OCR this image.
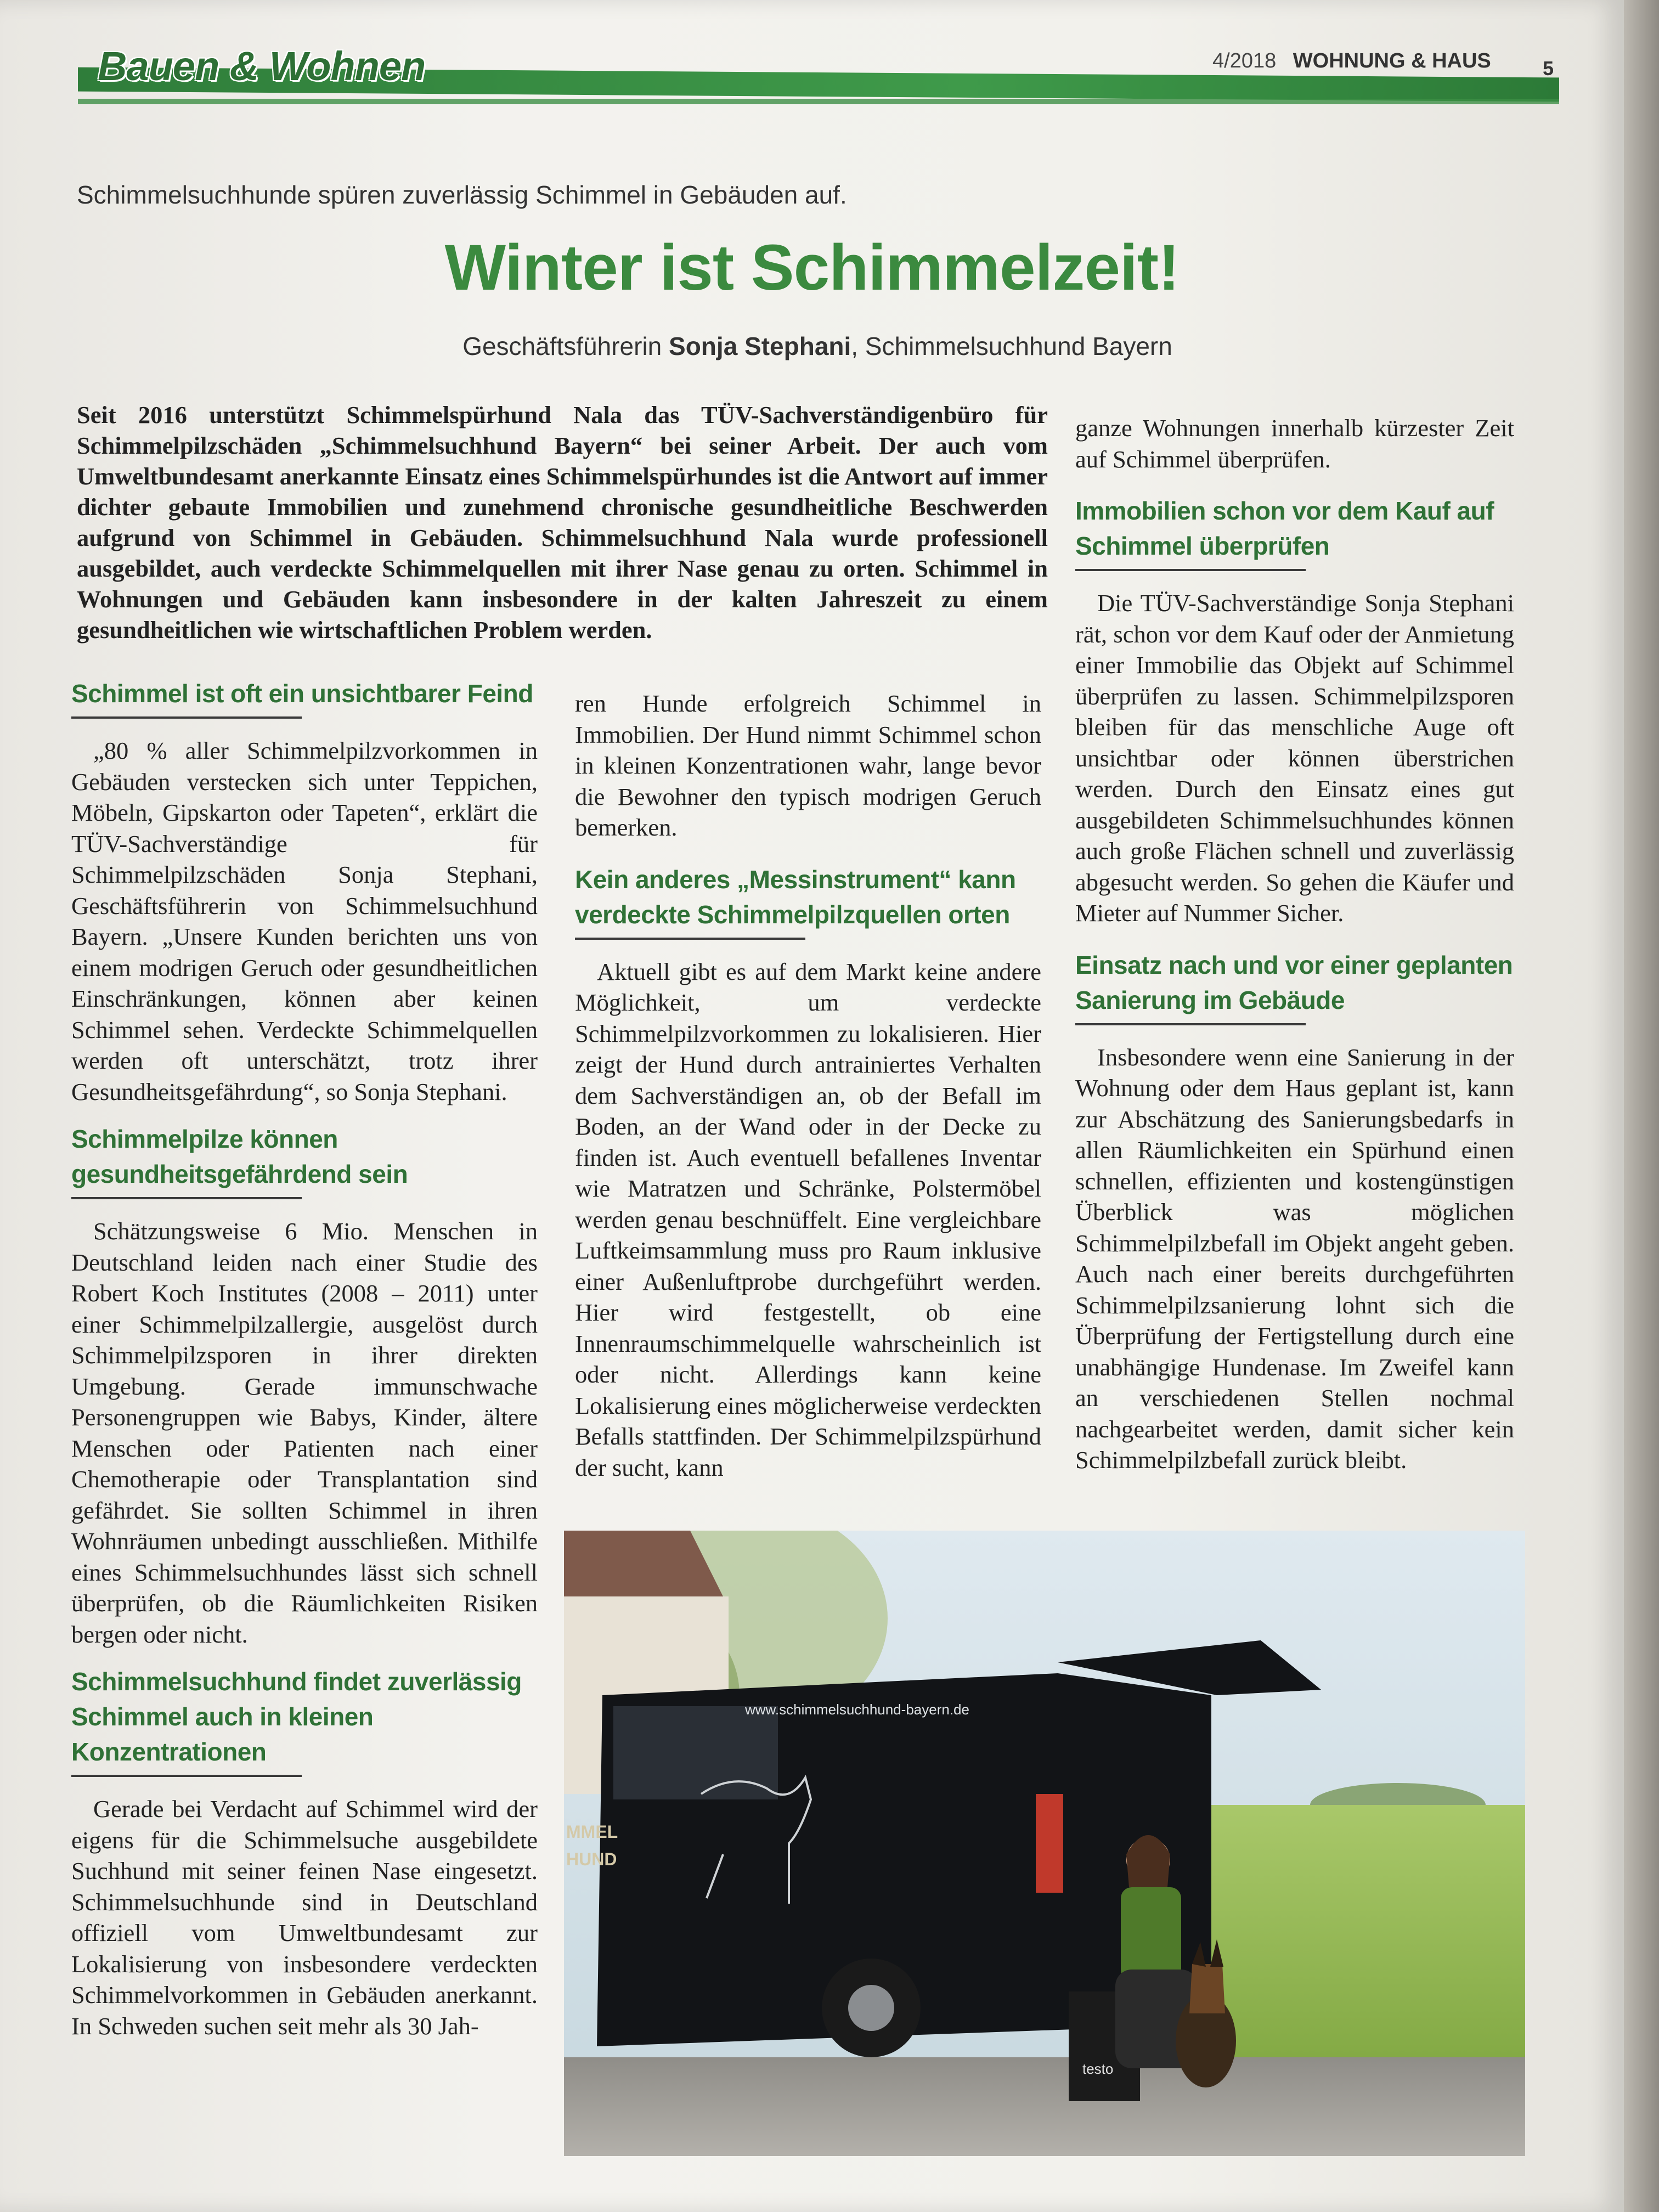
Bauen & Wohnen	4/2018 WOHNUNG & HAUS	5
Schimmelsuchhunde spüren zuverlässig Schimmel in Gebäuden auf.
Winter ist Schimmelzeit!
Geschäftsführerin Sonja Stephani, Schimmelsuchhund Bayern
Seit 2016 unterstützt Schimmelspürhund Nala das TÜV-Sachverständigenbüro für Schimmelpilzschäden „Schimmelsuchhund Bayern“ bei seiner Arbeit. Der auch vom Umweltbundesamt anerkannte Einsatz eines Schimmelspürhundes ist die Antwort auf immer dichter gebaute Immobilien und zunehmend chronische gesundheitliche Beschwerden aufgrund von Schimmel in Gebäuden. Schimmelsuchhund Nala wurde professionell ausgebildet, auch verdeckte Schimmelquellen mit ihrer Nase genau zu orten. Schimmel in Wohnungen und Gebäuden kann insbesondere in der kalten Jahreszeit zu einem gesundheitlichen wie wirtschaftlichen Problem werden.
Schimmel ist oft ein unsichtbarer Feind

„80 % aller Schimmelpilzvorkommen in Gebäuden verstecken sich unter Teppichen, Möbeln, Gipskarton oder Tapeten“, erklärt die TÜV-Sachverständige für Schimmelpilzschäden Sonja Stephani, Geschäftsführerin von Schimmelsuchhund Bayern. „Unsere Kunden berichten uns von einem modrigen Geruch oder gesundheitlichen Einschränkungen, können aber keinen Schimmel sehen. Verdeckte Schimmelquellen werden oft unterschätzt, trotz ihrer Gesundheitsgefährdung“, so Sonja Stephani.

Schimmelpilze können gesundheitsgefährdend sein

Schätzungsweise 6 Mio. Menschen in Deutschland leiden nach einer Studie des Robert Koch Institutes (2008 – 2011) unter einer Schimmelpilzallergie, ausgelöst durch Schimmelpilzsporen in ihrer direkten Umgebung. Gerade immunschwache Personengruppen wie Babys, Kinder, ältere Menschen oder Patienten nach einer Chemotherapie oder Transplantation sind gefährdet. Sie sollten Schimmel in ihren Wohnräumen unbedingt ausschließen. Mithilfe eines Schimmelsuchhundes lässt sich schnell überprüfen, ob die Räumlichkeiten Risiken bergen oder nicht.

Schimmelsuchhund findet zuverlässig Schimmel auch in kleinen Konzentrationen

Gerade bei Verdacht auf Schimmel wird der eigens für die Schimmelsuche ausgebildete Suchhund mit seiner feinen Nase eingesetzt. Schimmelsuchhunde sind in Deutschland offiziell vom Umweltbundesamt zur Lokalisierung von insbesondere verdeckten Schimmelvorkommen in Gebäuden anerkannt. In Schweden suchen seit mehr als 30 Jah-

ren Hunde erfolgreich Schimmel in Immobilien. Der Hund nimmt Schimmel schon in kleinen Konzentrationen wahr, lange bevor die Bewohner den typisch modrigen Geruch bemerken.

Kein anderes „Messinstrument“ kann verdeckte Schimmelpilzquellen orten

Aktuell gibt es auf dem Markt keine andere Möglichkeit, um verdeckte Schimmelpilzvorkommen zu lokalisieren. Hier zeigt der Hund durch antrainiertes Verhalten dem Sachverständigen an, ob der Befall im Boden, an der Wand oder in der Decke zu finden ist. Auch eventuell befallenes Inventar wie Matratzen und Schränke, Polstermöbel werden genau beschnüffelt. Eine vergleichbare Luftkeimsammlung muss pro Raum inklusive einer Außenluftprobe durchgeführt werden. Hier wird festgestellt, ob eine Innenraumschimmelquelle wahrscheinlich ist oder nicht. Allerdings kann keine Lokalisierung eines möglicherweise verdeckten Befalls stattfinden. Der Schimmelpilzspürhund der sucht, kann

ganze Wohnungen innerhalb kürzester Zeit auf Schimmel überprüfen.

Immobilien schon vor dem Kauf auf Schimmel überprüfen

Die TÜV-Sachverständige Sonja Stephani rät, schon vor dem Kauf oder der Anmietung einer Immobilie das Objekt auf Schimmel überprüfen zu lassen. Schimmelpilzsporen bleiben für das menschliche Auge oft unsichtbar oder können überstrichen werden. Durch den Einsatz eines gut ausgebildeten Schimmelsuchhundes können auch große Flächen schnell und zuverlässig abgesucht werden. So gehen die Käufer und Mieter auf Nummer Sicher.

Einsatz nach und vor einer geplanten Sanierung im Gebäude

Insbesondere wenn eine Sanierung in der Wohnung oder dem Haus geplant ist, kann zur Abschätzung des Sanierungsbedarfs in allen Räumlichkeiten ein Spürhund einen schnellen, effizienten und kostengünstigen Überblick was möglichen Schimmelpilzbefall im Objekt angeht geben. Auch nach einer bereits durchgeführten Schimmelpilzsanierung lohnt sich die Überprüfung der Fertigstellung durch eine unabhängige Hundenase. Im Zweifel kann an verschiedenen Stellen nochmal nachgearbeitet werden, damit sicher kein Schimmelpilzbefall zurück bleibt.

www.schimmelsuchhund-bayern.de
MMEL
HUND
testo
